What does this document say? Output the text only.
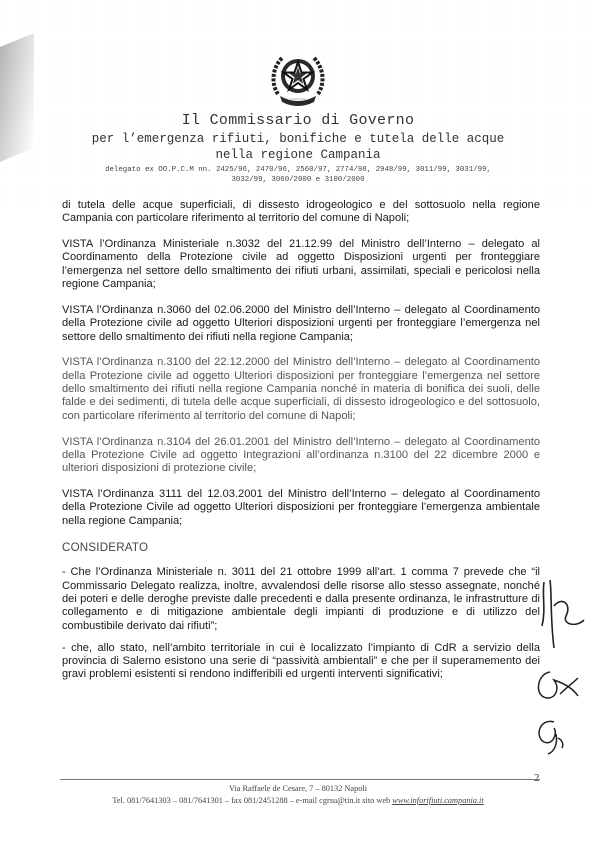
Il Commissario di Governo
per l’emergenza rifiuti, bonifiche e tutela delle acque
nella regione Campania
delegato ex OO.P.C.M nn. 2425/96, 2470/96, 2560/97, 2774/98, 2948/99, 3011/99, 3031/99,
3032/99, 3060/2000 e 3100/2000

di tutela delle acque superficiali, di dissesto idrogeologico e del sottosuolo nella regione Campania con particolare riferimento al territorio del comune di Napoli;

VISTA l’Ordinanza Ministeriale n.3032 del 21.12.99 del Ministro dell’Interno – delegato al Coordinamento della Protezione civile ad oggetto Disposizioni urgenti per fronteggiare l’emergenza nel settore dello smaltimento dei rifiuti urbani, assimilati, speciali e pericolosi nella regione Campania;

VISTA l’Ordinanza n.3060 del 02.06.2000 del Ministro dell’Interno – delegato al Coordinamento della Protezione civile ad oggetto Ulteriori disposizioni urgenti per fronteggiare l’emergenza nel settore dello smaltimento dei rifiuti nella regione Campania;

VISTA l’Ordinanza n.3100 del 22.12.2000 del Ministro dell’Interno – delegato al Coordinamento della Protezione civile ad oggetto Ulteriori disposizioni per fronteggiare l’emergenza nel settore dello smaltimento dei rifiuti nella regione Campania nonché in materia di bonifica dei suoli, delle falde e dei sedimenti, di tutela delle acque superficiali, di dissesto idrogeologico e del sottosuolo, con particolare riferimento al territorio del comune di Napoli;

VISTA l’Ordinanza n.3104 del 26.01.2001 del Ministro dell’Interno – delegato al Coordinamento della Protezione Civile ad oggetto Integrazioni all’ordinanza n.3100 del 22 dicembre 2000 e ulteriori disposizioni di protezione civile;

VISTA l’Ordinanza 3111 del 12.03.2001 del Ministro dell’Interno – delegato al Coordinamento della Protezione Civile ad oggetto Ulteriori disposizioni per fronteggiare l’emergenza ambientale nella regione Campania;

CONSIDERATO

- Che l’Ordinanza Ministeriale n. 3011 del 21 ottobre 1999 all’art. 1 comma 7 prevede che “il Commissario Delegato realizza, inoltre, avvalendosi delle risorse allo stesso assegnate, nonché dei poteri e delle deroghe previste dalle precedenti e dalla presente ordinanza, le infrastrutture di collegamento e di mitigazione ambientale degli impianti di produzione e di utilizzo del combustibile derivato dai rifiuti”;

- che, allo stato, nell’ambito territoriale in cui è localizzato l’impianto di CdR a servizio della provincia di Salerno esistono una serie di “passività ambientali” e che per il superamemento dei gravi problemi esistenti si rendono indifferibili ed urgenti interventi significativi;

2
Via Raffaele de Cesare, 7 – 80132 Napoli
Tel. 081/7641303 – 081/7641301 – fax 081/2451288 – e-mail cgrsu@tin.it sito web www.inforifiuti.campania.it
